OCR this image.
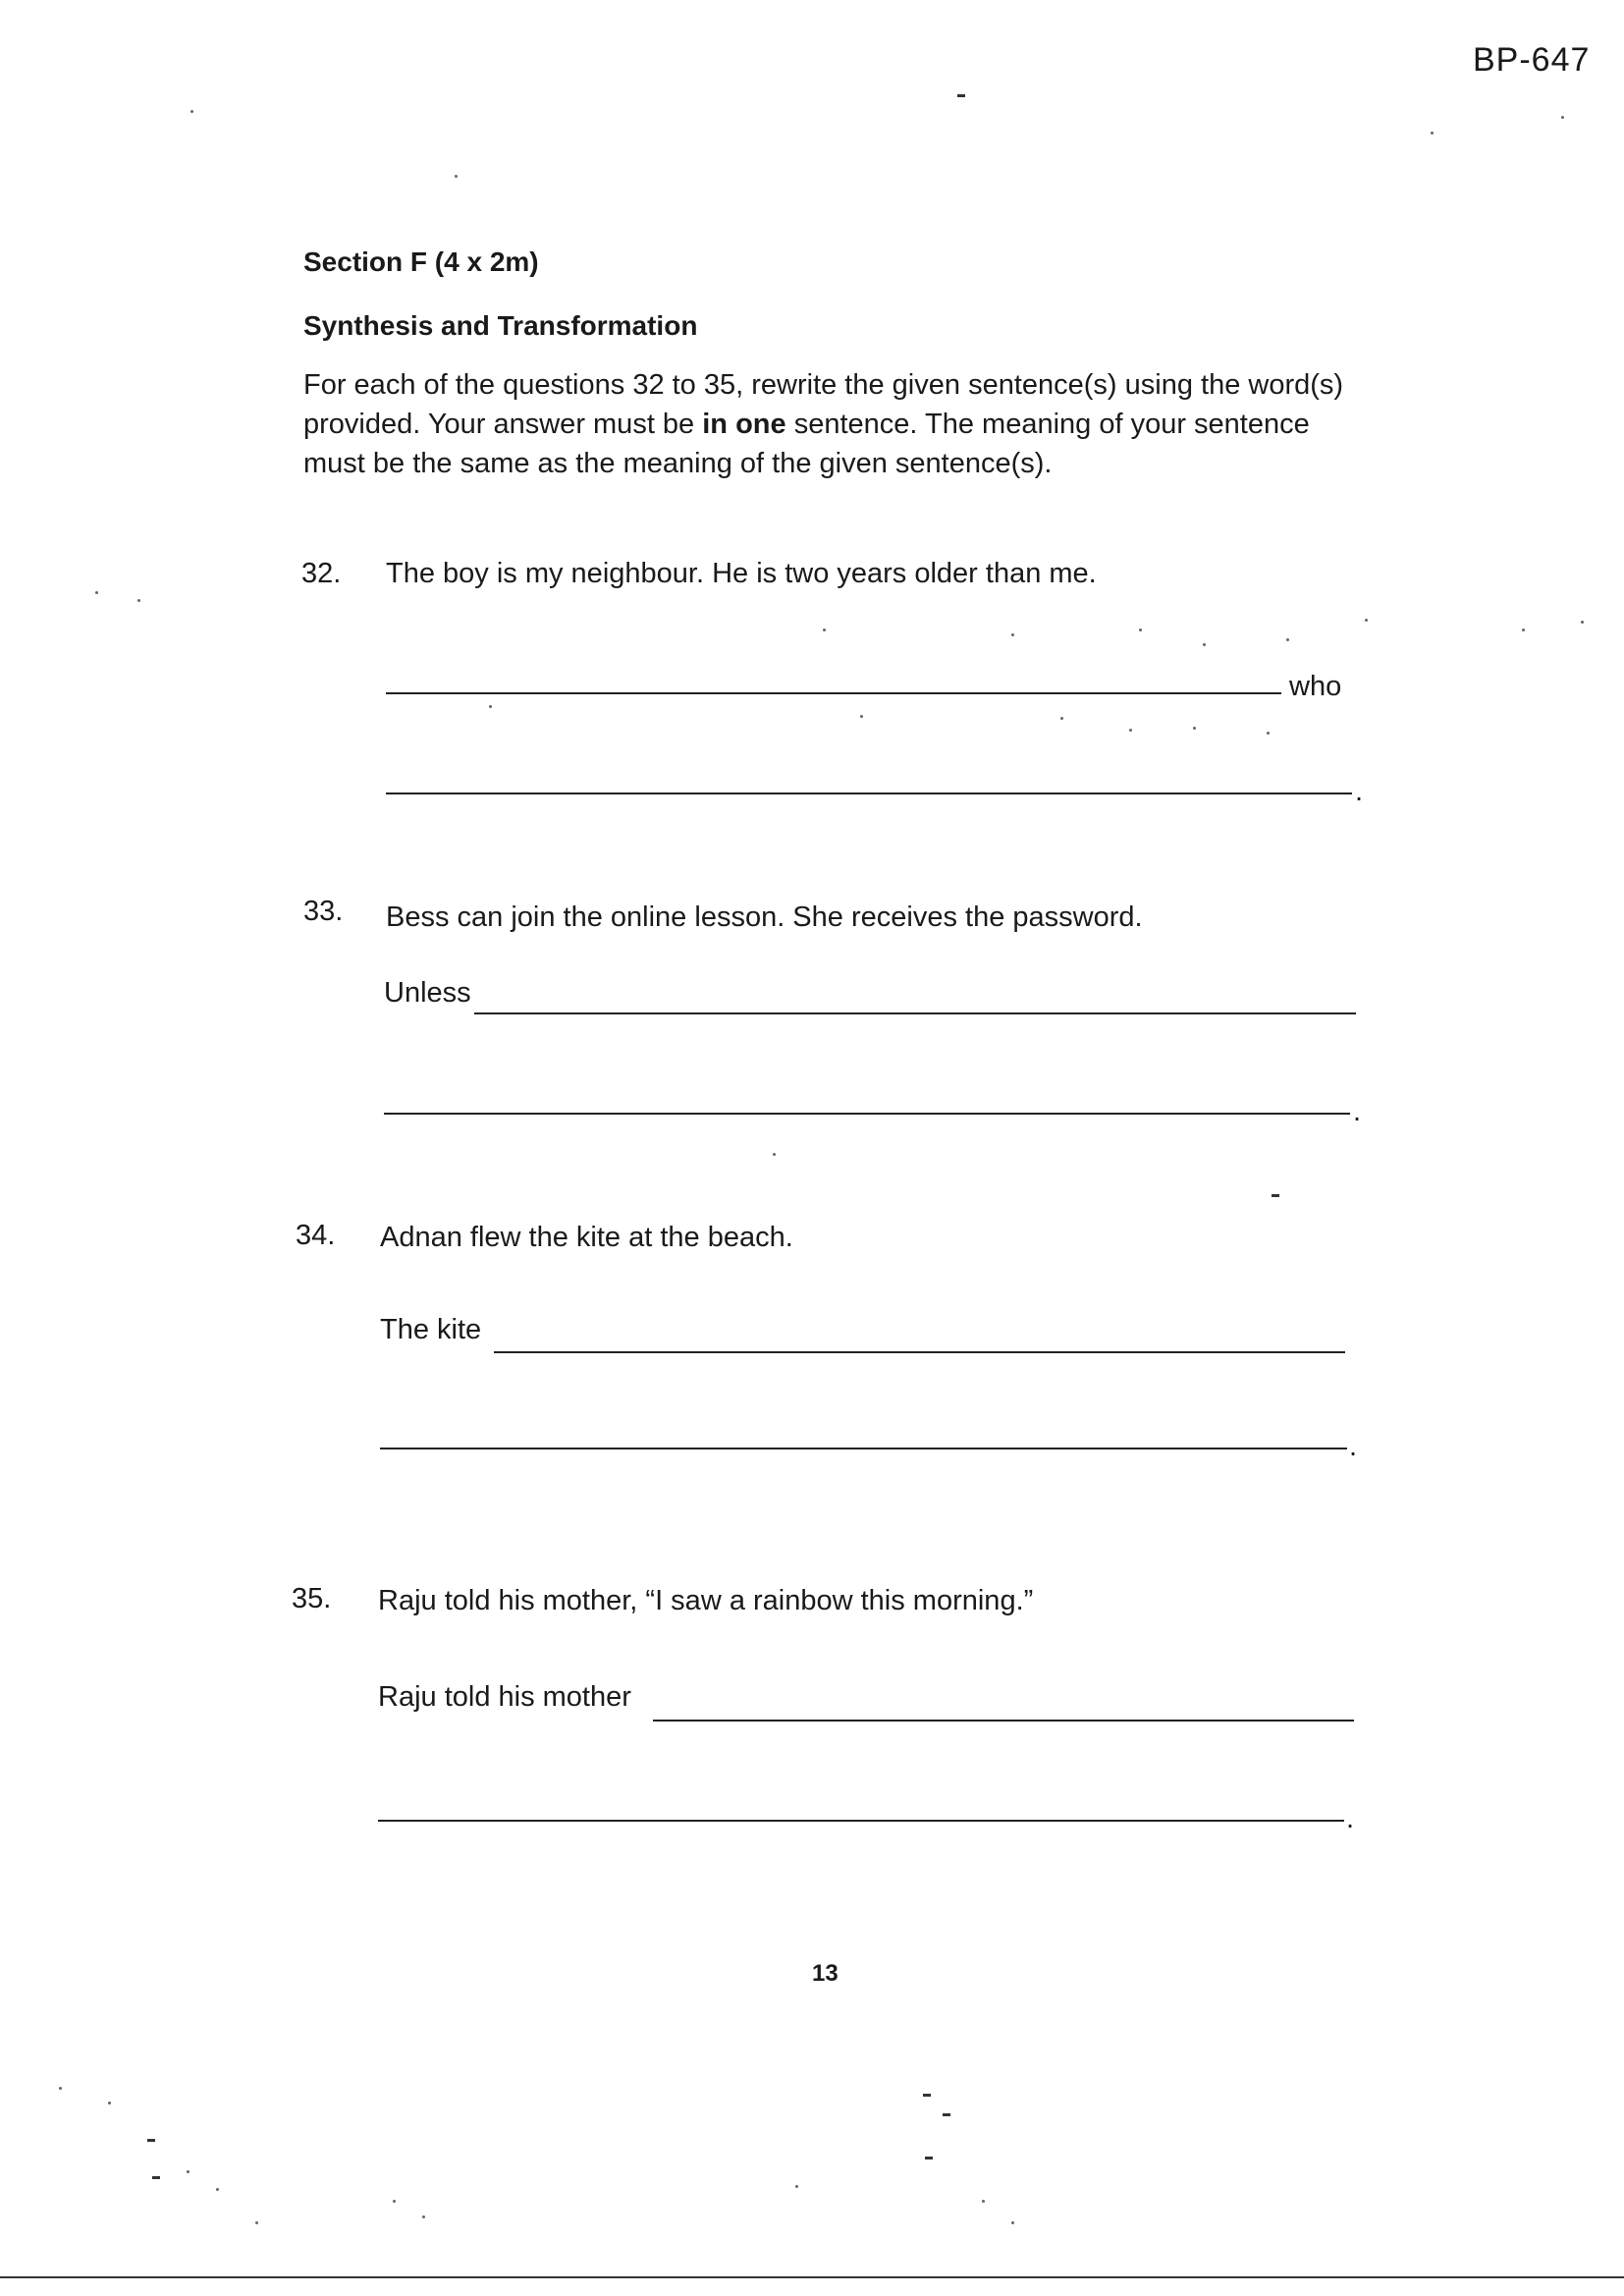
BP-647
Section F (4 x 2m)
Synthesis and Transformation
For each of the questions 32 to 35, rewrite the given sentence(s) using the word(s) provided. Your answer must be in one sentence. The meaning of your sentence must be the same as the meaning of the given sentence(s).
32. The boy is my neighbour. He is two years older than me.
who
.
33. Bess can join the online lesson. She receives the password.
Unless
.
34. Adnan flew the kite at the beach.
The kite
.
35. Raju told his mother, “I saw a rainbow this morning.”
Raju told his mother
.
13
